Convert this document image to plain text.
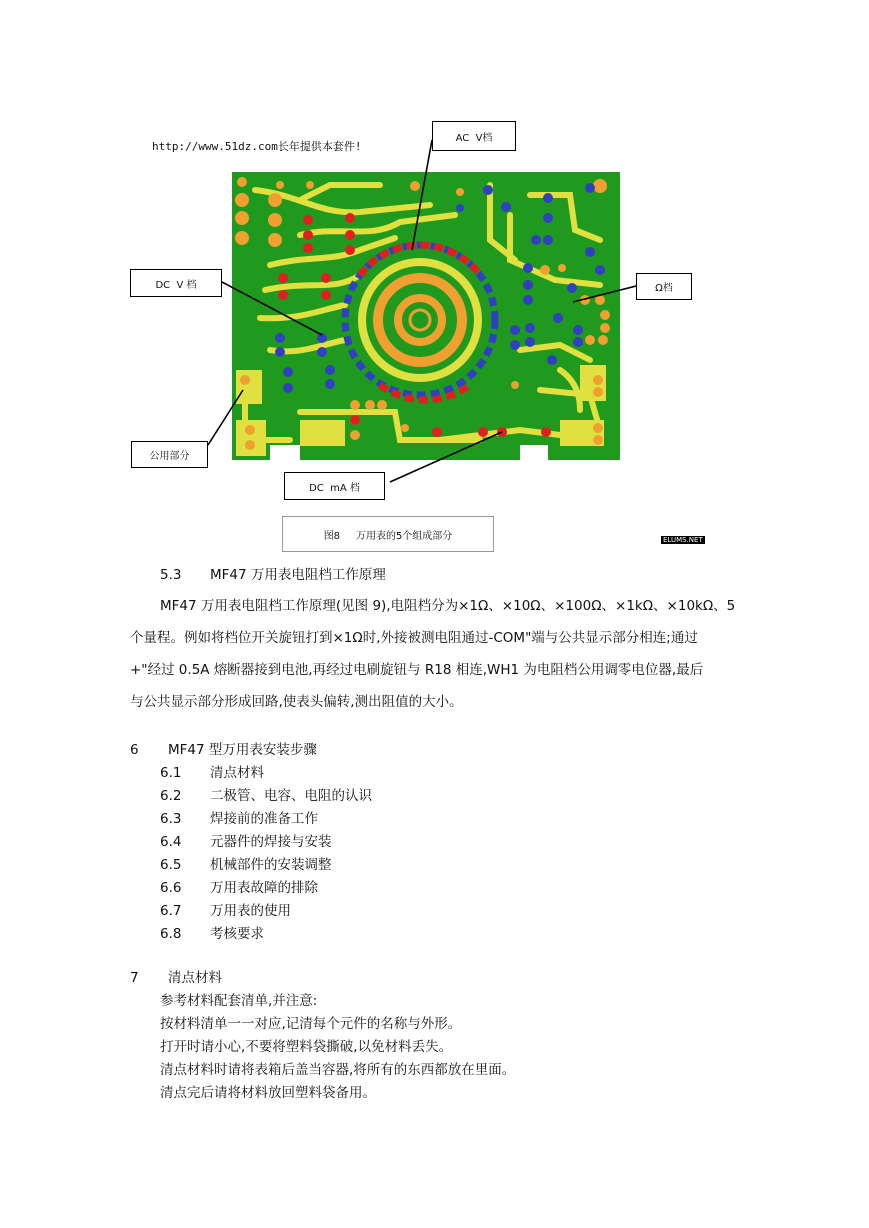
http://www.51dz.com长年提供本套件!
AC  V档
DC  V 档	Ω档
公用部分
DC  mA 档
图8     万用表的5个组成部分	ELUMS.NET
5.3 MF47 万用表电阻档工作原理
MF47 万用表电阻档工作原理(见图 9),电阻档分为×1Ω、×10Ω、×100Ω、×1kΩ、×10kΩ、5
个量程。例如将档位开关旋钮打到×1Ω时,外接被测电阻通过-COM"端与公共显示部分相连;通过
+"经过 0.5A 熔断器接到电池,再经过电刷旋钮与 R18 相连,WH1 为电阻档公用调零电位器,最后
与公共显示部分形成回路,使表头偏转,测出阻值的大小。
6 MF47 型万用表安装步骤
6.1 清点材料
6.2 二极管、电容、电阻的认识
6.3 焊接前的准备工作
6.4 元器件的焊接与安装
6.5 机械部件的安装调整
6.6 万用表故障的排除
6.7 万用表的使用
6.8 考核要求
7 清点材料
参考材料配套清单,并注意:
按材料清单一一对应,记清每个元件的名称与外形。
打开时请小心,不要将塑料袋撕破,以免材料丢失。
清点材料时请将表箱后盖当容器,将所有的东西都放在里面。
清点完后请将材料放回塑料袋备用。
